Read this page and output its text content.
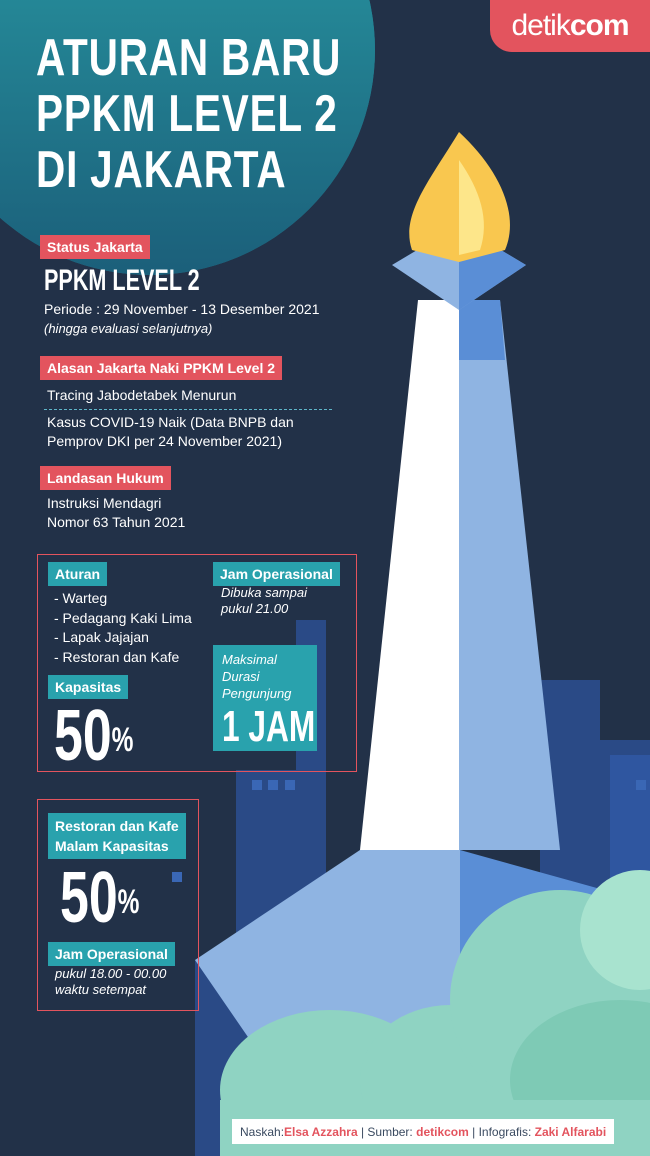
detik com
ATURAN BARU
PPKM LEVEL 2
DI JAKARTA
Status Jakarta
PPKM LEVEL 2
Periode : 29 November - 13 Desember 2021
(hingga evaluasi selanjutnya)
Alasan Jakarta Naki PPKM Level 2
Tracing Jabodetabek Menurun
Kasus COVID-19 Naik (Data BNPB dan
Pemprov DKI per 24 November 2021)
Landasan Hukum
Instruksi Mendagri
Nomor 63 Tahun 2021
Aturan
- Warteg
- Pedagang Kaki Lima
- Lapak Jajajan
- Restoran dan Kafe
Kapasitas
50%
Jam Operasional
Dibuka sampai
pukul 21.00
Maksimal
Durasi
Pengunjung
1 JAM
Restoran dan Kafe
Malam Kapasitas
50%
Jam Operasional
pukul 18.00 - 00.00
waktu setempat
Naskah: Elsa Azzahra | Sumber: detikcom | Infografis: Zaki Alfarabi
